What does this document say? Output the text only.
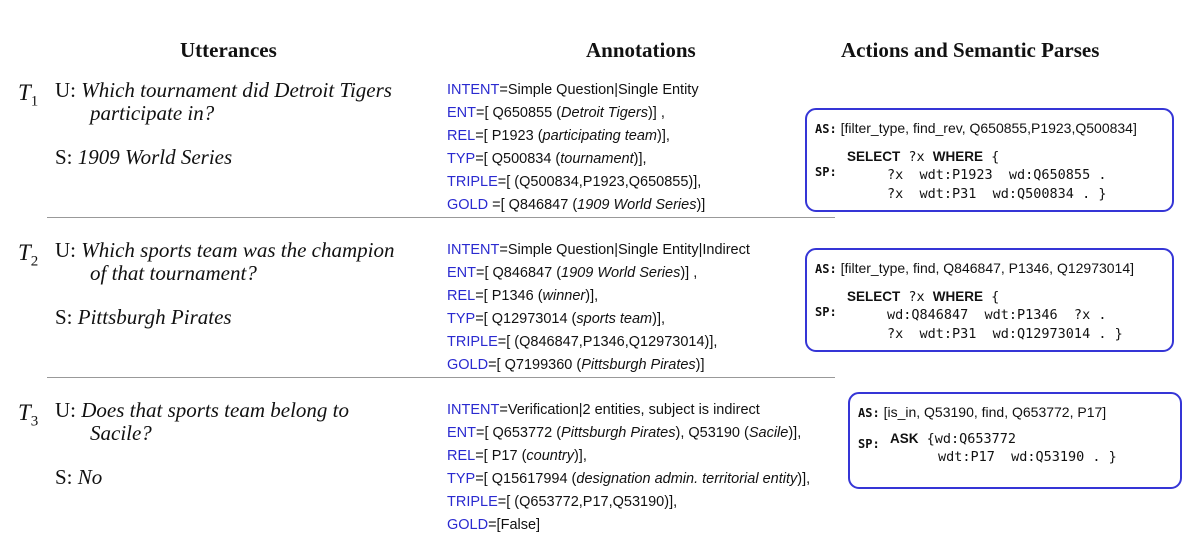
Utterances	Annotations	Actions and Semantic Parses
$T_1$ U: Which tournament did Detroit Tigers
participate in?
S: 1909 World Series
INTENT=Simple Question|Single Entity
ENT=[ Q650855 (Detroit Tigers)] ,
REL=[ P1923 (participating team)],
TYP=[ Q500834 (tournament)],
TRIPLE=[ (Q500834,P1923,Q650855)],
GOLD =[ Q846847 (1909 World Series)]
AS: [filter_type, find_rev, Q650855,P1923,Q500834]
SP:
SELECT ?x WHERE {
?x  wdt:P1923  wd:Q650855 .
?x  wdt:P31  wd:Q500834 . }
$T_2$ U: Which sports team was the champion
of that tournament?
S: Pittsburgh Pirates
INTENT=Simple Question|Single Entity|Indirect
ENT=[ Q846847 (1909 World Series)] ,
REL=[ P1346 (winner)],
TYP=[ Q12973014 (sports team)],
TRIPLE=[ (Q846847,P1346,Q12973014)],
GOLD=[ Q7199360 (Pittsburgh Pirates)]
AS: [filter_type, find, Q846847, P1346, Q12973014]
SP:
SELECT ?x WHERE {
wd:Q846847  wdt:P1346  ?x .
?x  wdt:P31  wd:Q12973014 . }
$T_3$ U: Does that sports team belong to
Sacile?
S: No
INTENT=Verification|2 entities, subject is indirect
ENT=[ Q653772 (Pittsburgh Pirates), Q53190 (Sacile)],
REL=[ P17 (country)],
TYP=[ Q15617994 (designation admin. territorial entity)],
TRIPLE=[ (Q653772,P17,Q53190)],
GOLD=[False]
AS: [is_in, Q53190, find, Q653772, P17]
SP: ASK {wd:Q653772
wdt:P17  wd:Q53190 . }
